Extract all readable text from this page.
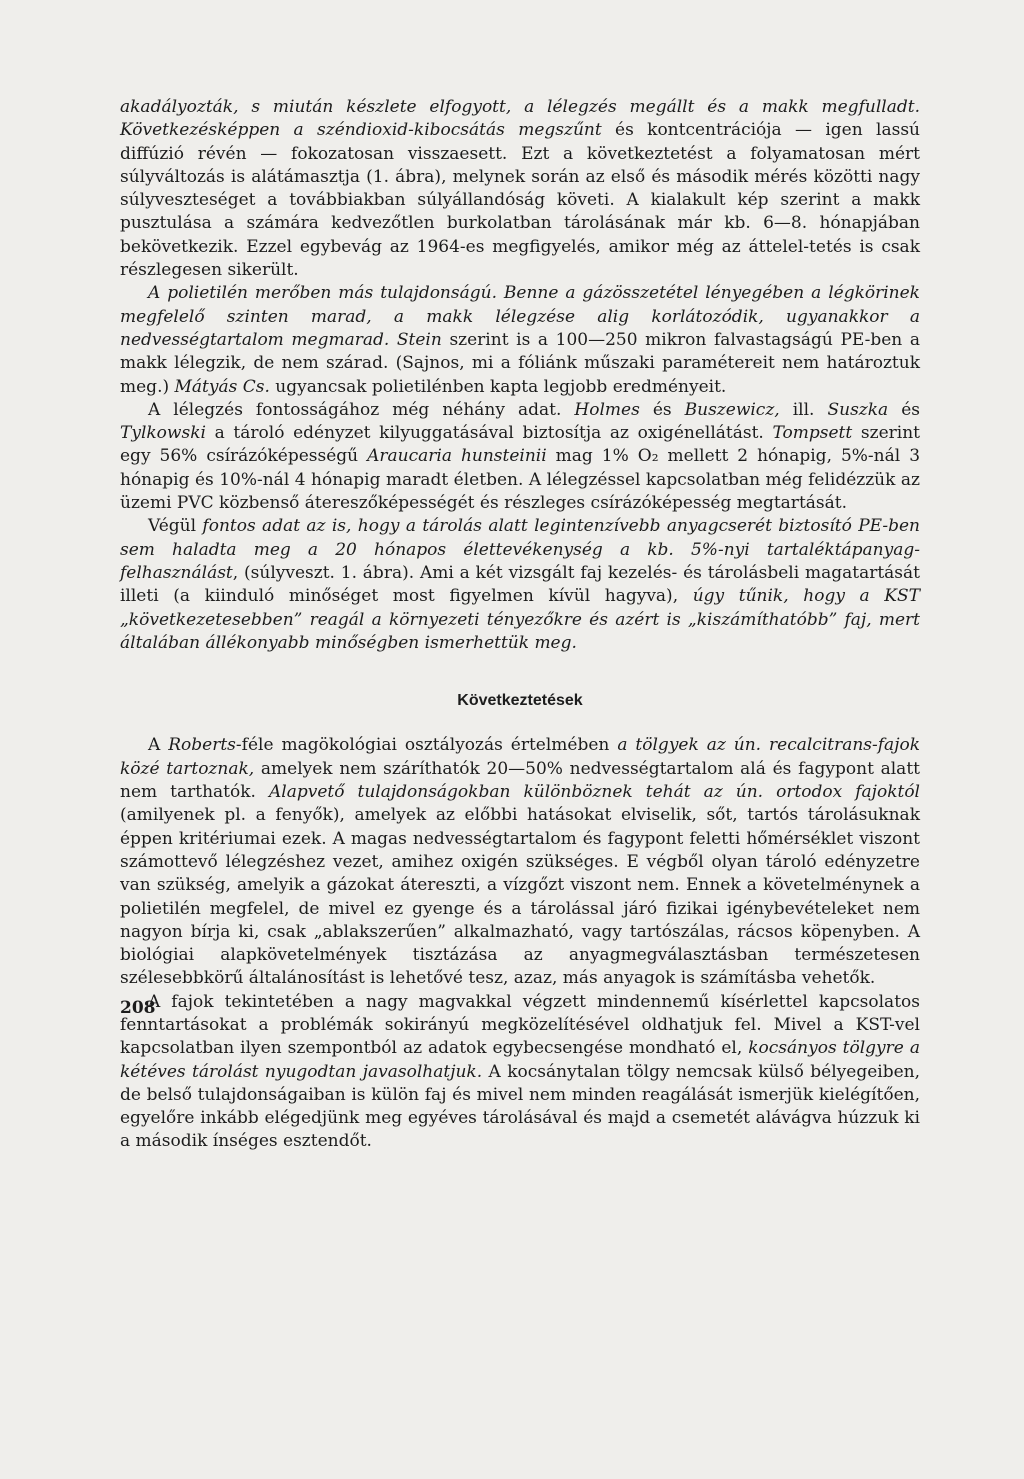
akadályozták, s miután készlete elfogyott, a lélegzés megállt és a makk megfulladt. Következésképpen a széndioxid-kibocsátás megszűnt és kontcentrációja — igen lassú diffúzió révén — fokozatosan visszaesett. Ezt a következtetést a folyamatosan mért súlyváltozás is alátámasztja (1. ábra), melynek során az első és második mérés közötti nagy súlyveszteséget a továbbiakban súlyállandóság követi. A kialakult kép szerint a makk pusztulása a számára kedvezőtlen burkolatban tárolásának már kb. 6—8. hónapjában bekövetkezik. Ezzel egybevág az 1964-es megfigyelés, amikor még az áttelel-tetés is csak részlegesen sikerült.

A polietilén merőben más tulajdonságú. Benne a gázösszetétel lényegében a légkörinek megfelelő szinten marad, a makk lélegzése alig korlátozódik, ugyanakkor a nedvességtartalom megmarad. Stein szerint is a 100—250 mikron falvastagságú PE-ben a makk lélegzik, de nem szárad. (Sajnos, mi a fóliánk műszaki paramétereit nem határoztuk meg.) Mátyás Cs. ugyancsak polietilénben kapta legjobb eredményeit.

A lélegzés fontosságához még néhány adat. Holmes és Buszewicz, ill. Suszka és Tylkowski a tároló edényzet kilyuggatásával biztosítja az oxigénellátást. Tompsett szerint egy 56% csírázóképességű Araucaria hunsteinii mag 1% O₂ mellett 2 hónapig, 5%-nál 3 hónapig és 10%-nál 4 hónapig maradt életben. A lélegzéssel kapcsolatban még felidézzük az üzemi PVC közbenső átereszőképességét és részleges csírázóképesség megtartását.

Végül fontos adat az is, hogy a tárolás alatt legintenzívebb anyagcserét biztosító PE-ben sem haladta meg a 20 hónapos élettevékenység a kb. 5%-nyi tartaléktápanyag-felhasználást, (súlyveszt. 1. ábra). Ami a két vizsgált faj kezelés- és tárolásbeli magatartását illeti (a kiinduló minőséget most figyelmen kívül hagyva), úgy tűnik, hogy a KST „következetesebben” reagál a környezeti tényezőkre és azért is „kiszámíthatóbb” faj, mert általában állékonyabb minőségben ismerhettük meg.

Következtetések

A Roberts-féle magökológiai osztályozás értelmében a tölgyek az ún. recalcitrans-fajok közé tartoznak, amelyek nem száríthatók 20—50% nedvességtartalom alá és fagypont alatt nem tarthatók. Alapvető tulajdonságokban különböznek tehát az ún. ortodox fajoktól (amilyenek pl. a fenyők), amelyek az előbbi hatásokat elviselik, sőt, tartós tárolásuknak éppen kritériumai ezek. A magas nedvességtartalom és fagypont feletti hőmérséklet viszont számottevő lélegzéshez vezet, amihez oxigén szükséges. E végből olyan tároló edényzetre van szükség, amelyik a gázokat átereszti, a vízgőzt viszont nem. Ennek a követelménynek a polietilén megfelel, de mivel ez gyenge és a tárolással járó fizikai igénybevételeket nem nagyon bírja ki, csak „ablakszerűen” alkalmazható, vagy tartószálas, rácsos köpenyben. A biológiai alapkövetelmények tisztázása az anyagmegválasztásban természetesen szélesebbkörű általánosítást is lehetővé tesz, azaz, más anyagok is számításba vehetők.

A fajok tekintetében a nagy magvakkal végzett mindennemű kísérlettel kapcsolatos fenntartásokat a problémák sokirányú megközelítésével oldhatjuk fel. Mivel a KST-vel kapcsolatban ilyen szempontból az adatok egybecsengése mondható el, kocsányos tölgyre a kétéves tárolást nyugodtan javasolhatjuk. A kocsánytalan tölgy nemcsak külső bélyegeiben, de belső tulajdonságaiban is külön faj és mivel nem minden reagálását ismerjük kielégítően, egyelőre inkább elégedjünk meg egyéves tárolásával és majd a csemetét alávágva húzzuk ki a második ínséges esztendőt.

208
